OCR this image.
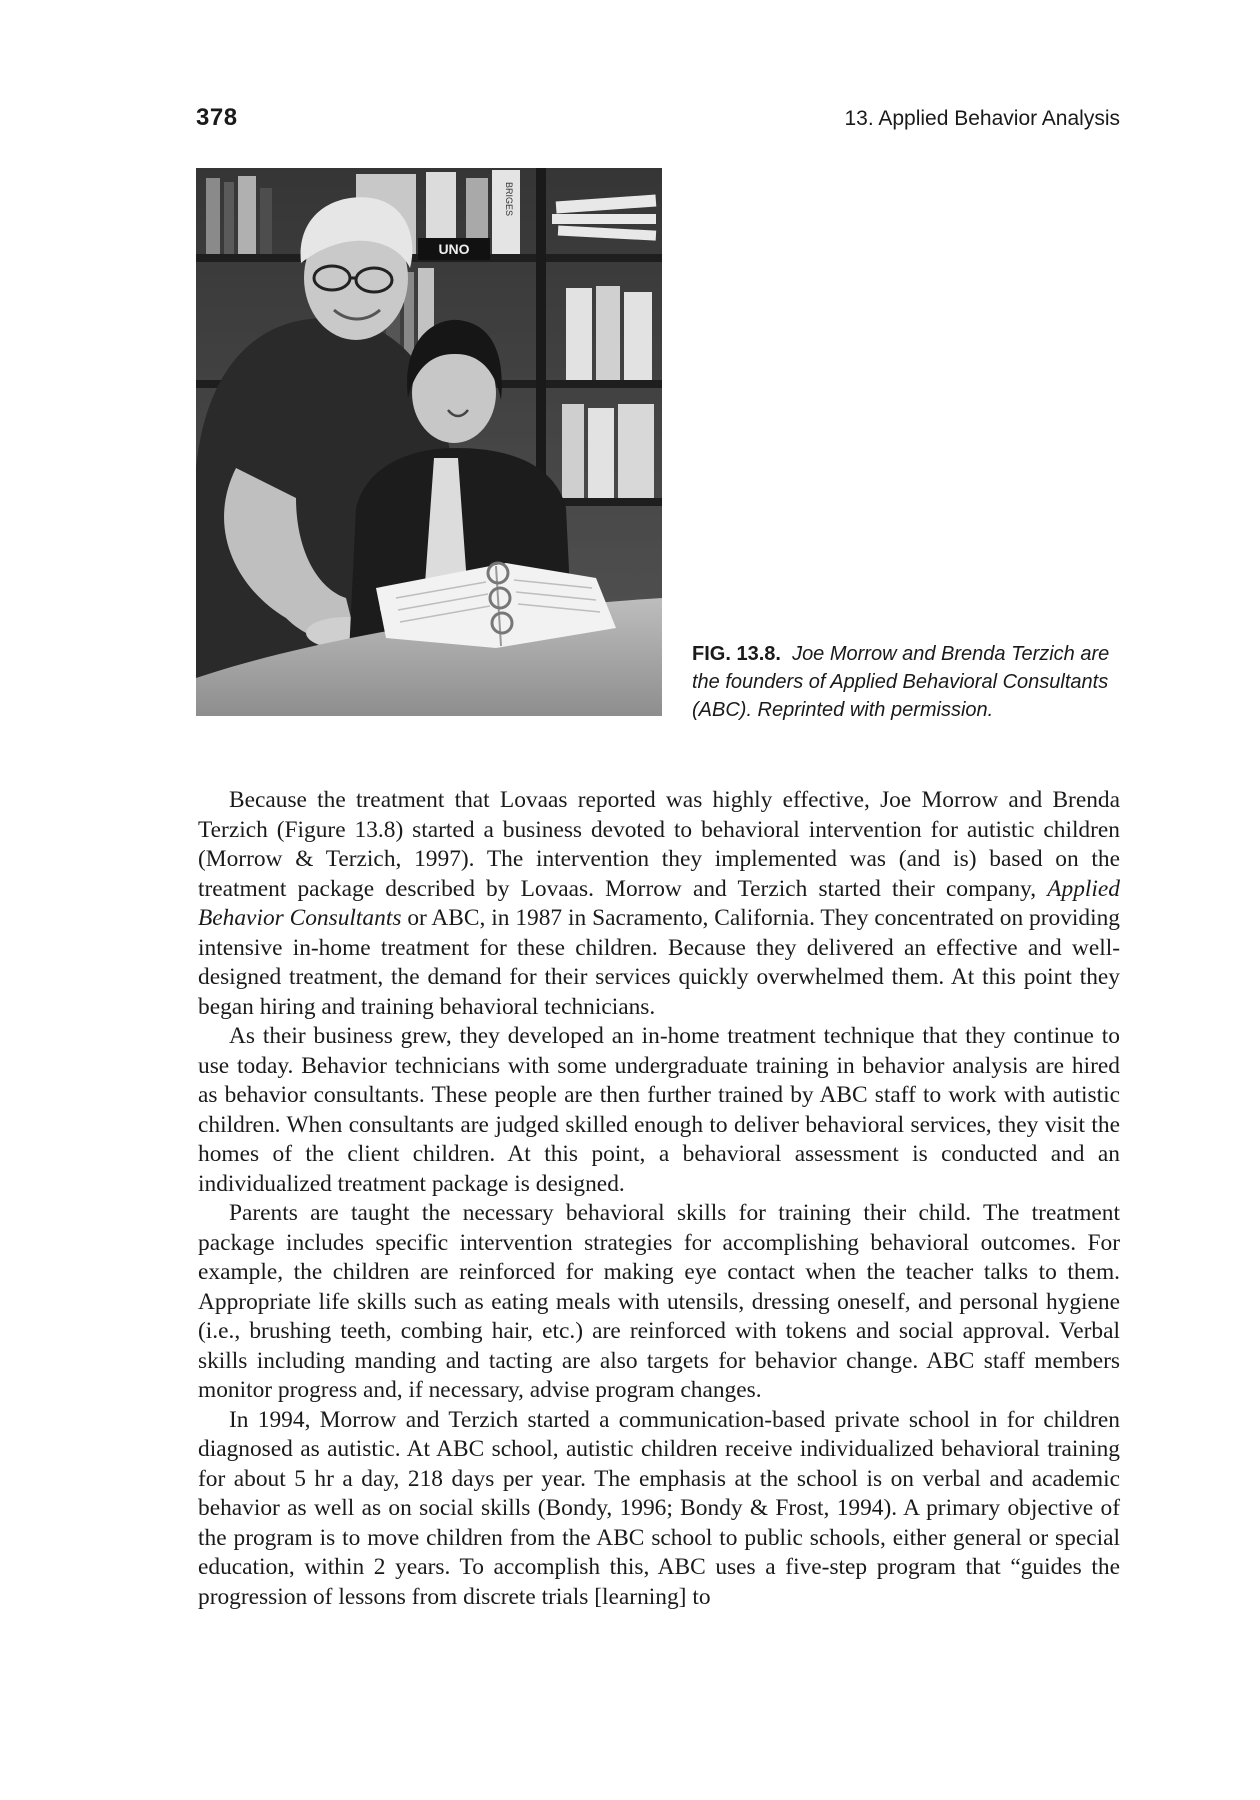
378	13. Applied Behavior Analysis
UNO
BRIGES
FIG. 13.8. Joe Morrow and Brenda Terzich are the founders of Applied Behavioral Consultants (ABC). Reprinted with permission.

Because the treatment that Lovaas reported was highly effective, Joe Morrow and Brenda Terzich (Figure 13.8) started a business devoted to behavioral intervention for autistic children (Morrow & Terzich, 1997). The intervention they implemented was (and is) based on the treatment package described by Lovaas. Morrow and Terzich started their company, Applied Behavior Consultants or ABC, in 1987 in Sacramento, California. They concentrated on providing intensive in-home treatment for these children. Because they delivered an effective and well-designed treatment, the demand for their services quickly overwhelmed them. At this point they began hiring and training behavioral technicians.

As their business grew, they developed an in-home treatment technique that they continue to use today. Behavior technicians with some undergraduate training in behavior analysis are hired as behavior consultants. These people are then further trained by ABC staff to work with autistic children. When consultants are judged skilled enough to deliver behavioral services, they visit the homes of the client children. At this point, a behavioral assessment is conducted and an individualized treatment package is designed.

Parents are taught the necessary behavioral skills for training their child. The treatment package includes specific intervention strategies for accomplishing behavioral outcomes. For example, the children are reinforced for making eye contact when the teacher talks to them. Appropriate life skills such as eating meals with utensils, dressing oneself, and personal hygiene (i.e., brushing teeth, combing hair, etc.) are reinforced with tokens and social approval. Verbal skills including manding and tacting are also targets for behavior change. ABC staff members monitor progress and, if necessary, advise program changes.

In 1994, Morrow and Terzich started a communication-based private school in for children diagnosed as autistic. At ABC school, autistic children receive individualized behavioral training for about 5 hr a day, 218 days per year. The emphasis at the school is on verbal and academic behavior as well as on social skills (Bondy, 1996; Bondy & Frost, 1994). A primary objective of the program is to move children from the ABC school to public schools, either general or special education, within 2 years. To accomplish this, ABC uses a five-step program that “guides the progression of lessons from discrete trials [learning] to
